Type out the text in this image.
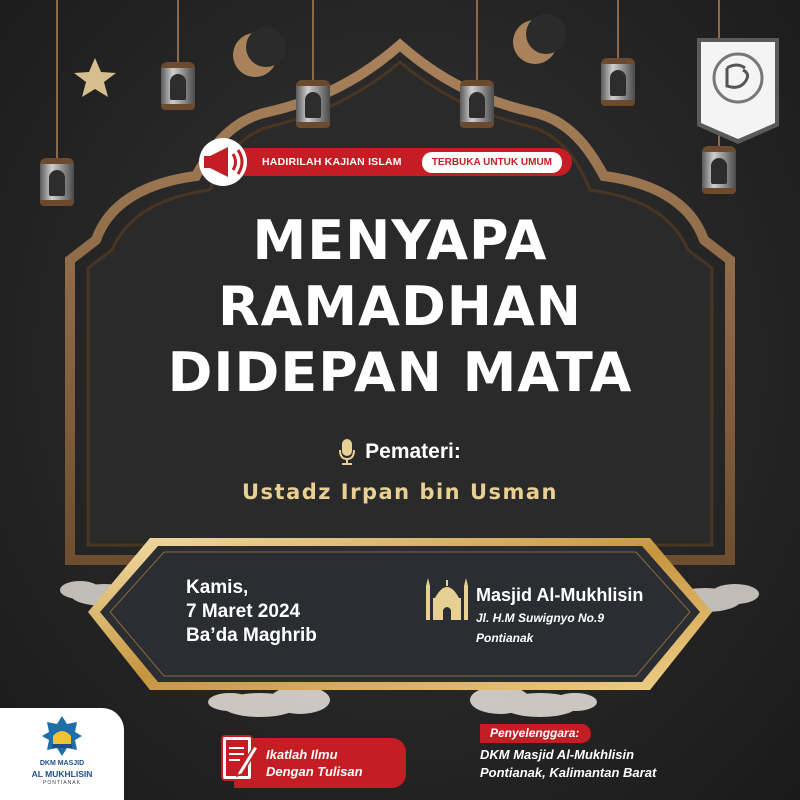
HADIRILAH KAJIAN ISLAM	TERBUKA UNTUK UMUM
MENYAPA
RAMADHAN
DIDEPAN MATA
Pemateri:
Ustadz Irpan bin Usman
Kamis,
7 Maret 2024
Ba’da Maghrib
Masjid Al-Mukhlisin
Jl. H.M Suwignyo No.9
Pontianak
DKM MASJID
AL MUKHLISIN
PONTIANAK
Ikatlah Ilmu
Dengan Tulisan
Penyelenggara:
DKM Masjid Al-Mukhlisin
Pontianak, Kalimantan Barat
